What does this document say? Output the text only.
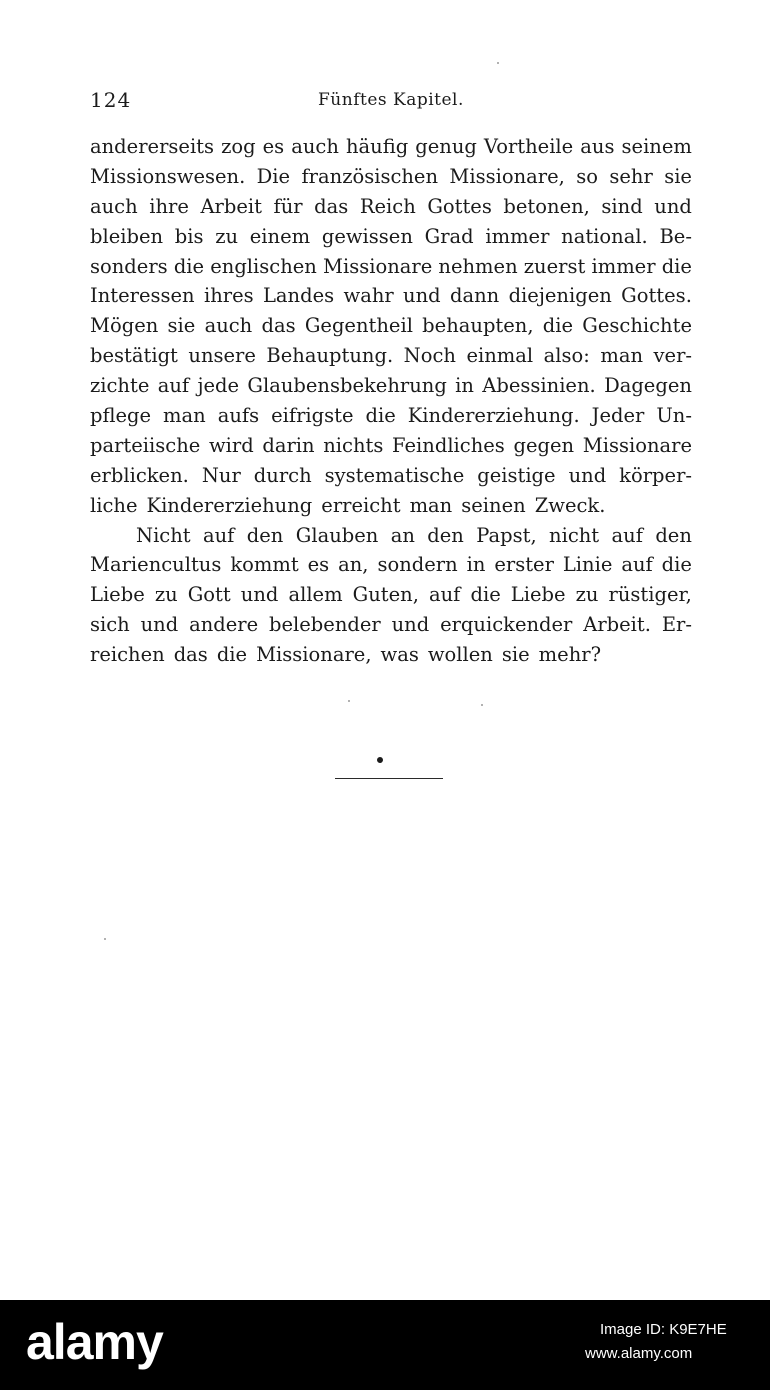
124	Fünftes Kapitel.
andererseits zog es auch häufig genug Vortheile aus seinem
Missionswesen. Die französischen Missionare, so sehr sie
auch ihre Arbeit für das Reich Gottes betonen, sind und
bleiben bis zu einem gewissen Grad immer national. Be-
sonders die englischen Missionare nehmen zuerst immer die
Interessen ihres Landes wahr und dann diejenigen Gottes.
Mögen sie auch das Gegentheil behaupten, die Geschichte
bestätigt unsere Behauptung. Noch einmal also: man ver-
zichte auf jede Glaubensbekehrung in Abessinien. Dagegen
pflege man aufs eifrigste die Kindererziehung. Jeder Un-
parteiische wird darin nichts Feindliches gegen Missionare
erblicken. Nur durch systematische geistige und körper-
liche Kindererziehung erreicht man seinen Zweck.
Nicht auf den Glauben an den Papst, nicht auf den
Mariencultus kommt es an, sondern in erster Linie auf die
Liebe zu Gott und allem Guten, auf die Liebe zu rüstiger,
sich und andere belebender und erquickender Arbeit. Er-
reichen das die Missionare, was wollen sie mehr?
alamy	Image ID: K9E7HE
www.alamy.com
